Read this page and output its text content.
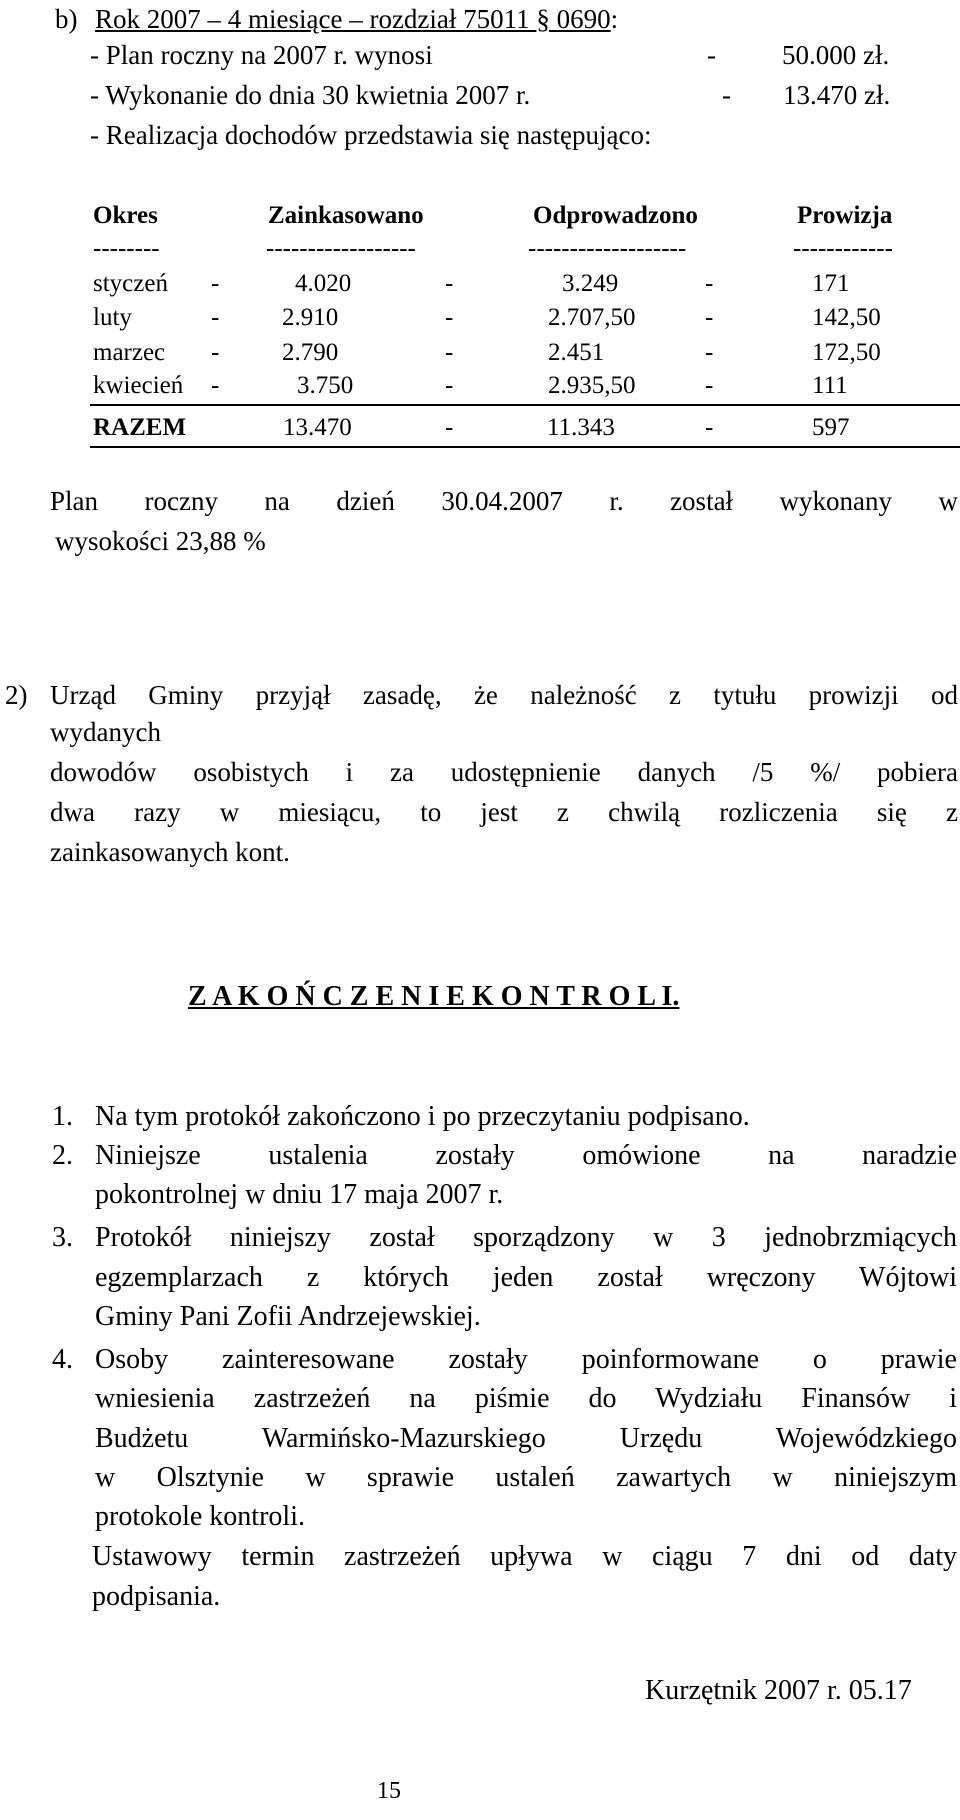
b) Rok 2007 – 4 miesiące – rozdział 75011 § 0690:
- Plan roczny na 2007 r. wynosi	- 50.000 zł.
- Wykonanie do dnia 30 kwietnia 2007 r.	- 13.470 zł.
- Realizacja dochodów przedstawia się następująco:
Okres	Zainkasowano	Odprowadzono	Prowizja
--------	------------------	-------------------	------------
styczeń -	4.020	-	3.249	-	171
luty	-	2.910	-	2.707,50	-	142,50
marzec -	2.790	-	2.451	-	172,50
kwiecień -	3.750	-	2.935,50	-	111
RAZEM	13.470	-	11.343	-	597
Plan roczny na dzień 30.04.2007 r. został wykonany w
wysokości 23,88 %
2) Urząd Gminy przyjął zasadę, że należność z tytułu prowizji od
wydanych
dowodów osobistych i za udostępnienie danych /5 %/ pobiera
dwa razy w miesiącu, to jest z chwilą rozliczenia się z
zainkasowanych kont.
Z A K O Ń C Z E N I E K O N T R O L I.
1. Na tym protokół zakończono i po przeczytaniu podpisano.
2. Niniejsze ustalenia zostały omówione na naradzie
pokontrolnej w dniu 17 maja 2007 r.
3. Protokół niniejszy został sporządzony w 3 jednobrzmiących
egzemplarzach z których jeden został wręczony Wójtowi
Gminy Pani Zofii Andrzejewskiej.
4. Osoby zainteresowane zostały poinformowane o prawie
wniesienia zastrzeżeń na piśmie do Wydziału Finansów i
Budżetu Warmińsko-Mazurskiego Urzędu Wojewódzkiego
w Olsztynie w sprawie ustaleń zawartych w niniejszym
protokole kontroli.
Ustawowy termin zastrzeżeń upływa w ciągu 7 dni od daty
podpisania.
Kurzętnik 2007 r. 05.17
15
